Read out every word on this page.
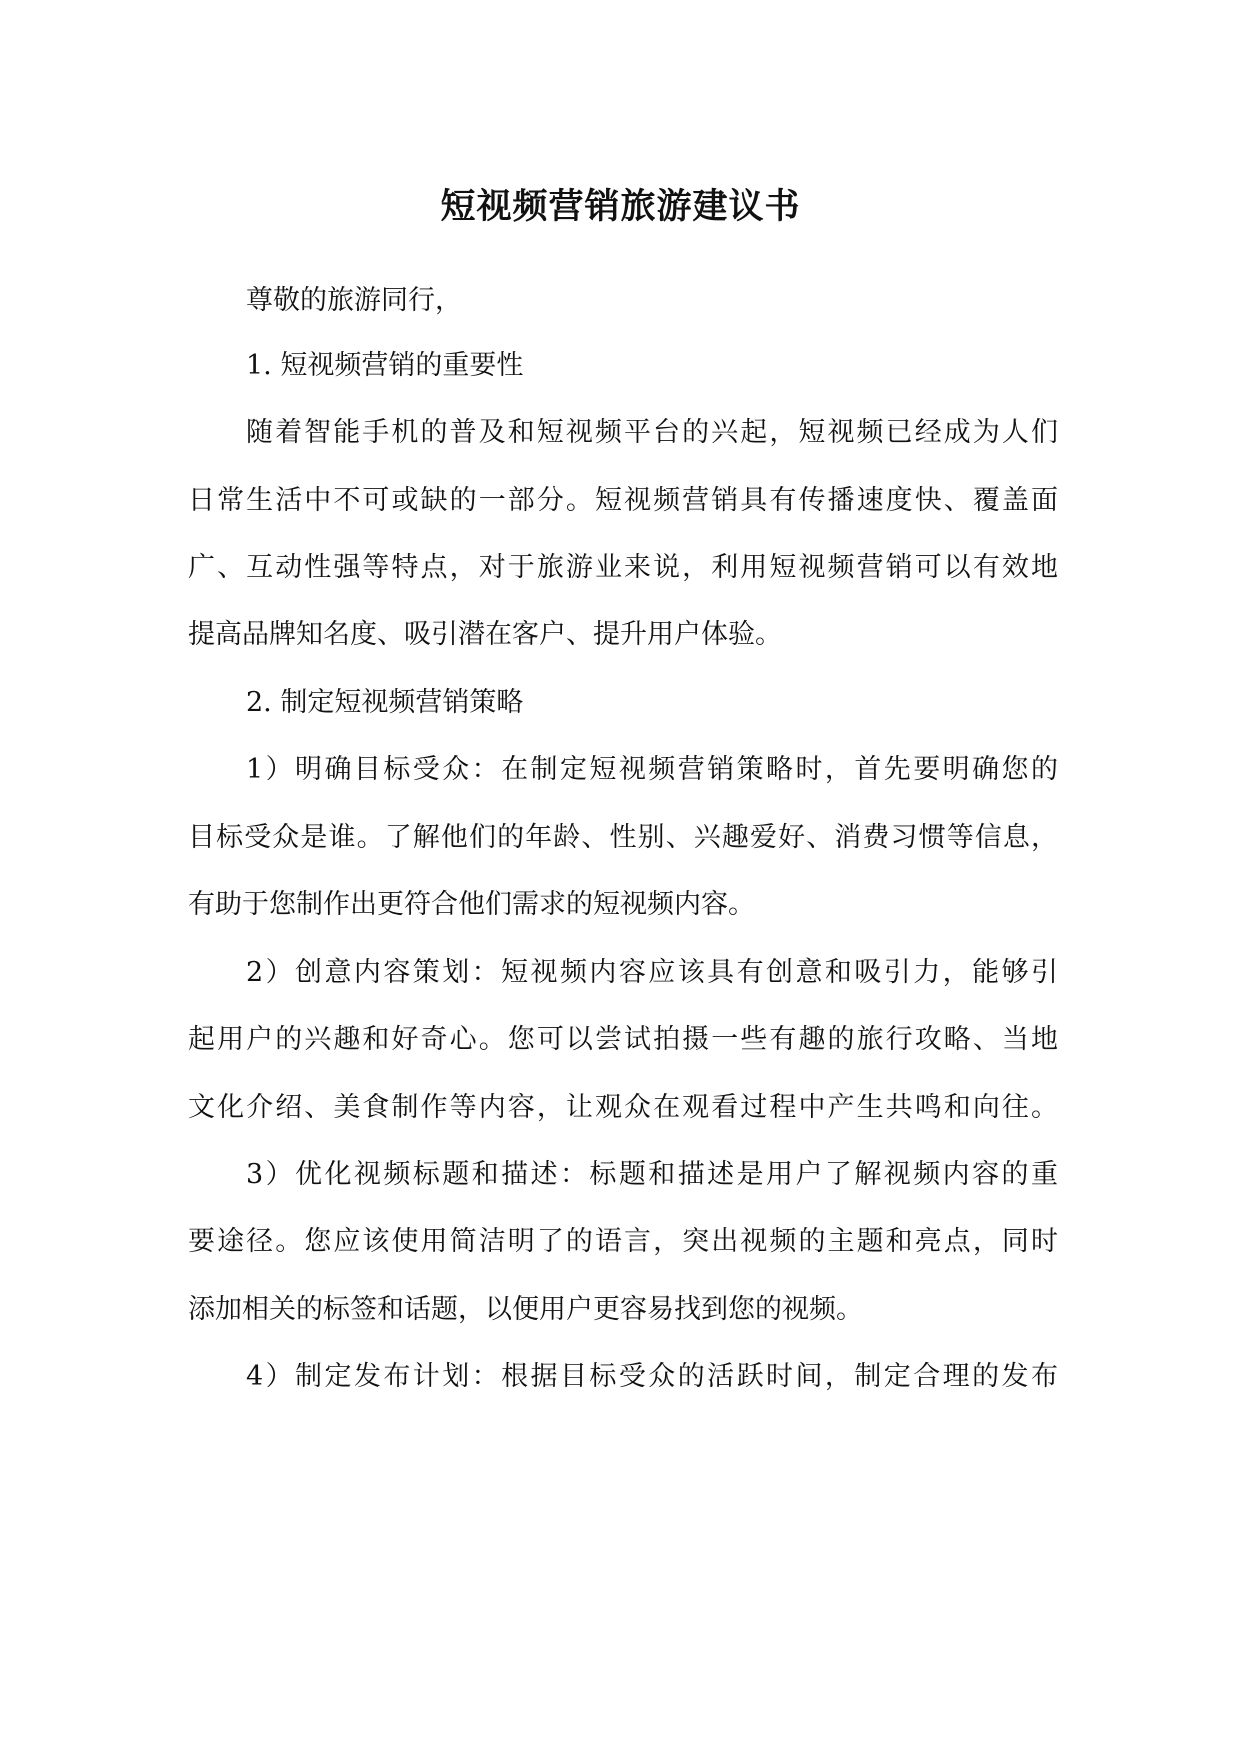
短视频营销旅游建议书

尊敬的旅游同行，

1. 短视频营销的重要性

随着智能手机的普及和短视频平台的兴起，短视频已经成为人们

日常生活中不可或缺的一部分。短视频营销具有传播速度快、覆盖面

广、互动性强等特点，对于旅游业来说，利用短视频营销可以有效地

提高品牌知名度、吸引潜在客户、提升用户体验。

2. 制定短视频营销策略

1）明确目标受众：在制定短视频营销策略时，首先要明确您的

目标受众是谁。了解他们的年龄、性别、兴趣爱好、消费习惯等信息，

有助于您制作出更符合他们需求的短视频内容。

2）创意内容策划：短视频内容应该具有创意和吸引力，能够引

起用户的兴趣和好奇心。您可以尝试拍摄一些有趣的旅行攻略、当地

文化介绍、美食制作等内容，让观众在观看过程中产生共鸣和向往。

3）优化视频标题和描述：标题和描述是用户了解视频内容的重

要途径。您应该使用简洁明了的语言，突出视频的主题和亮点，同时

添加相关的标签和话题，以便用户更容易找到您的视频。

4）制定发布计划：根据目标受众的活跃时间，制定合理的发布
